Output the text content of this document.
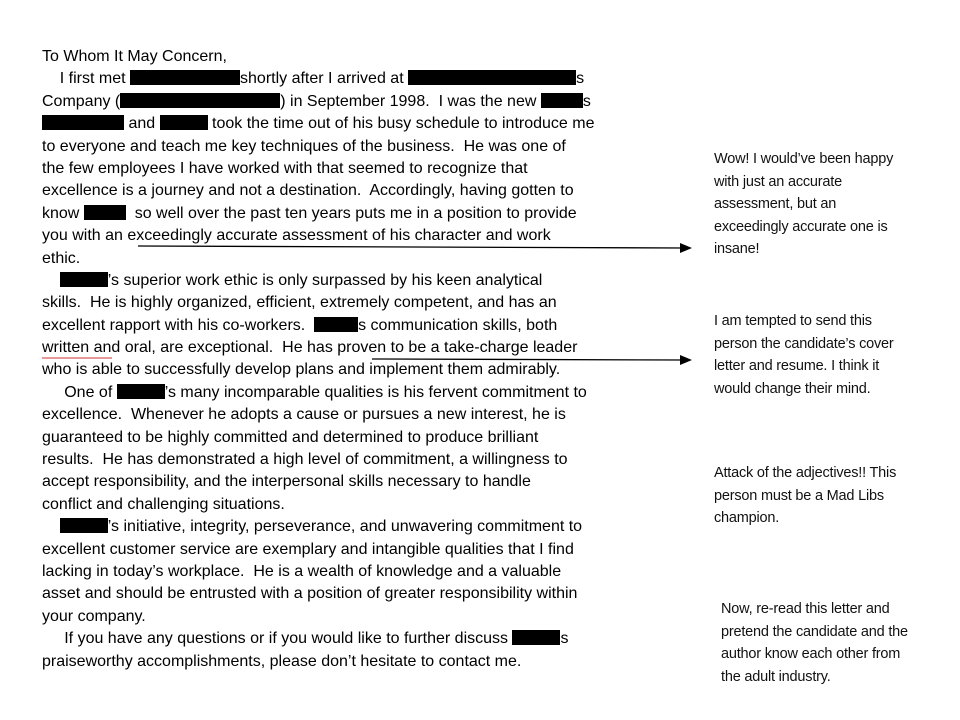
To Whom It May Concern,
I first met	shortly after I arrived at	s
Company (	) in September 1998.  I was the new	s
and	took the time out of his busy schedule to introduce me
to everyone and teach me key techniques of the business.  He was one of
the few employees I have worked with that seemed to recognize that
excellence is a journey and not a destination.  Accordingly, having gotten to
know	so well over the past ten years puts me in a position to provide
you with an exceedingly accurate assessment of his character and work
ethic.
’s superior work ethic is only surpassed by his keen analytical
skills.  He is highly organized, efficient, extremely competent, and has an
excellent rapport with his co-workers.	s communication skills, both
written and oral, are exceptional.  He has proven to be a take-charge leader
who is able to successfully develop plans and implement them admirably.
One of	’s many incomparable qualities is his fervent commitment to
excellence.  Whenever he adopts a cause or pursues a new interest, he is
guaranteed to be highly committed and determined to produce brilliant
results.  He has demonstrated a high level of commitment, a willingness to
accept responsibility, and the interpersonal skills necessary to handle
conflict and challenging situations.
’s initiative, integrity, perseverance, and unwavering commitment to
excellent customer service are exemplary and intangible qualities that I find
lacking in today’s workplace.  He is a wealth of knowledge and a valuable
asset and should be entrusted with a position of greater responsibility within
your company.
If you have any questions or if you would like to further discuss	s
praiseworthy accomplishments, please don’t hesitate to contact me.
Wow! I would’ve been happy
with just an accurate
assessment, but an
exceedingly accurate one is
insane!
I am tempted to send this
person the candidate’s cover
letter and resume. I think it
would change their mind.
Attack of the adjectives!! This
person must be a Mad Libs
champion.
Now, re-read this letter and
pretend the candidate and the
author know each other from
the adult industry.
